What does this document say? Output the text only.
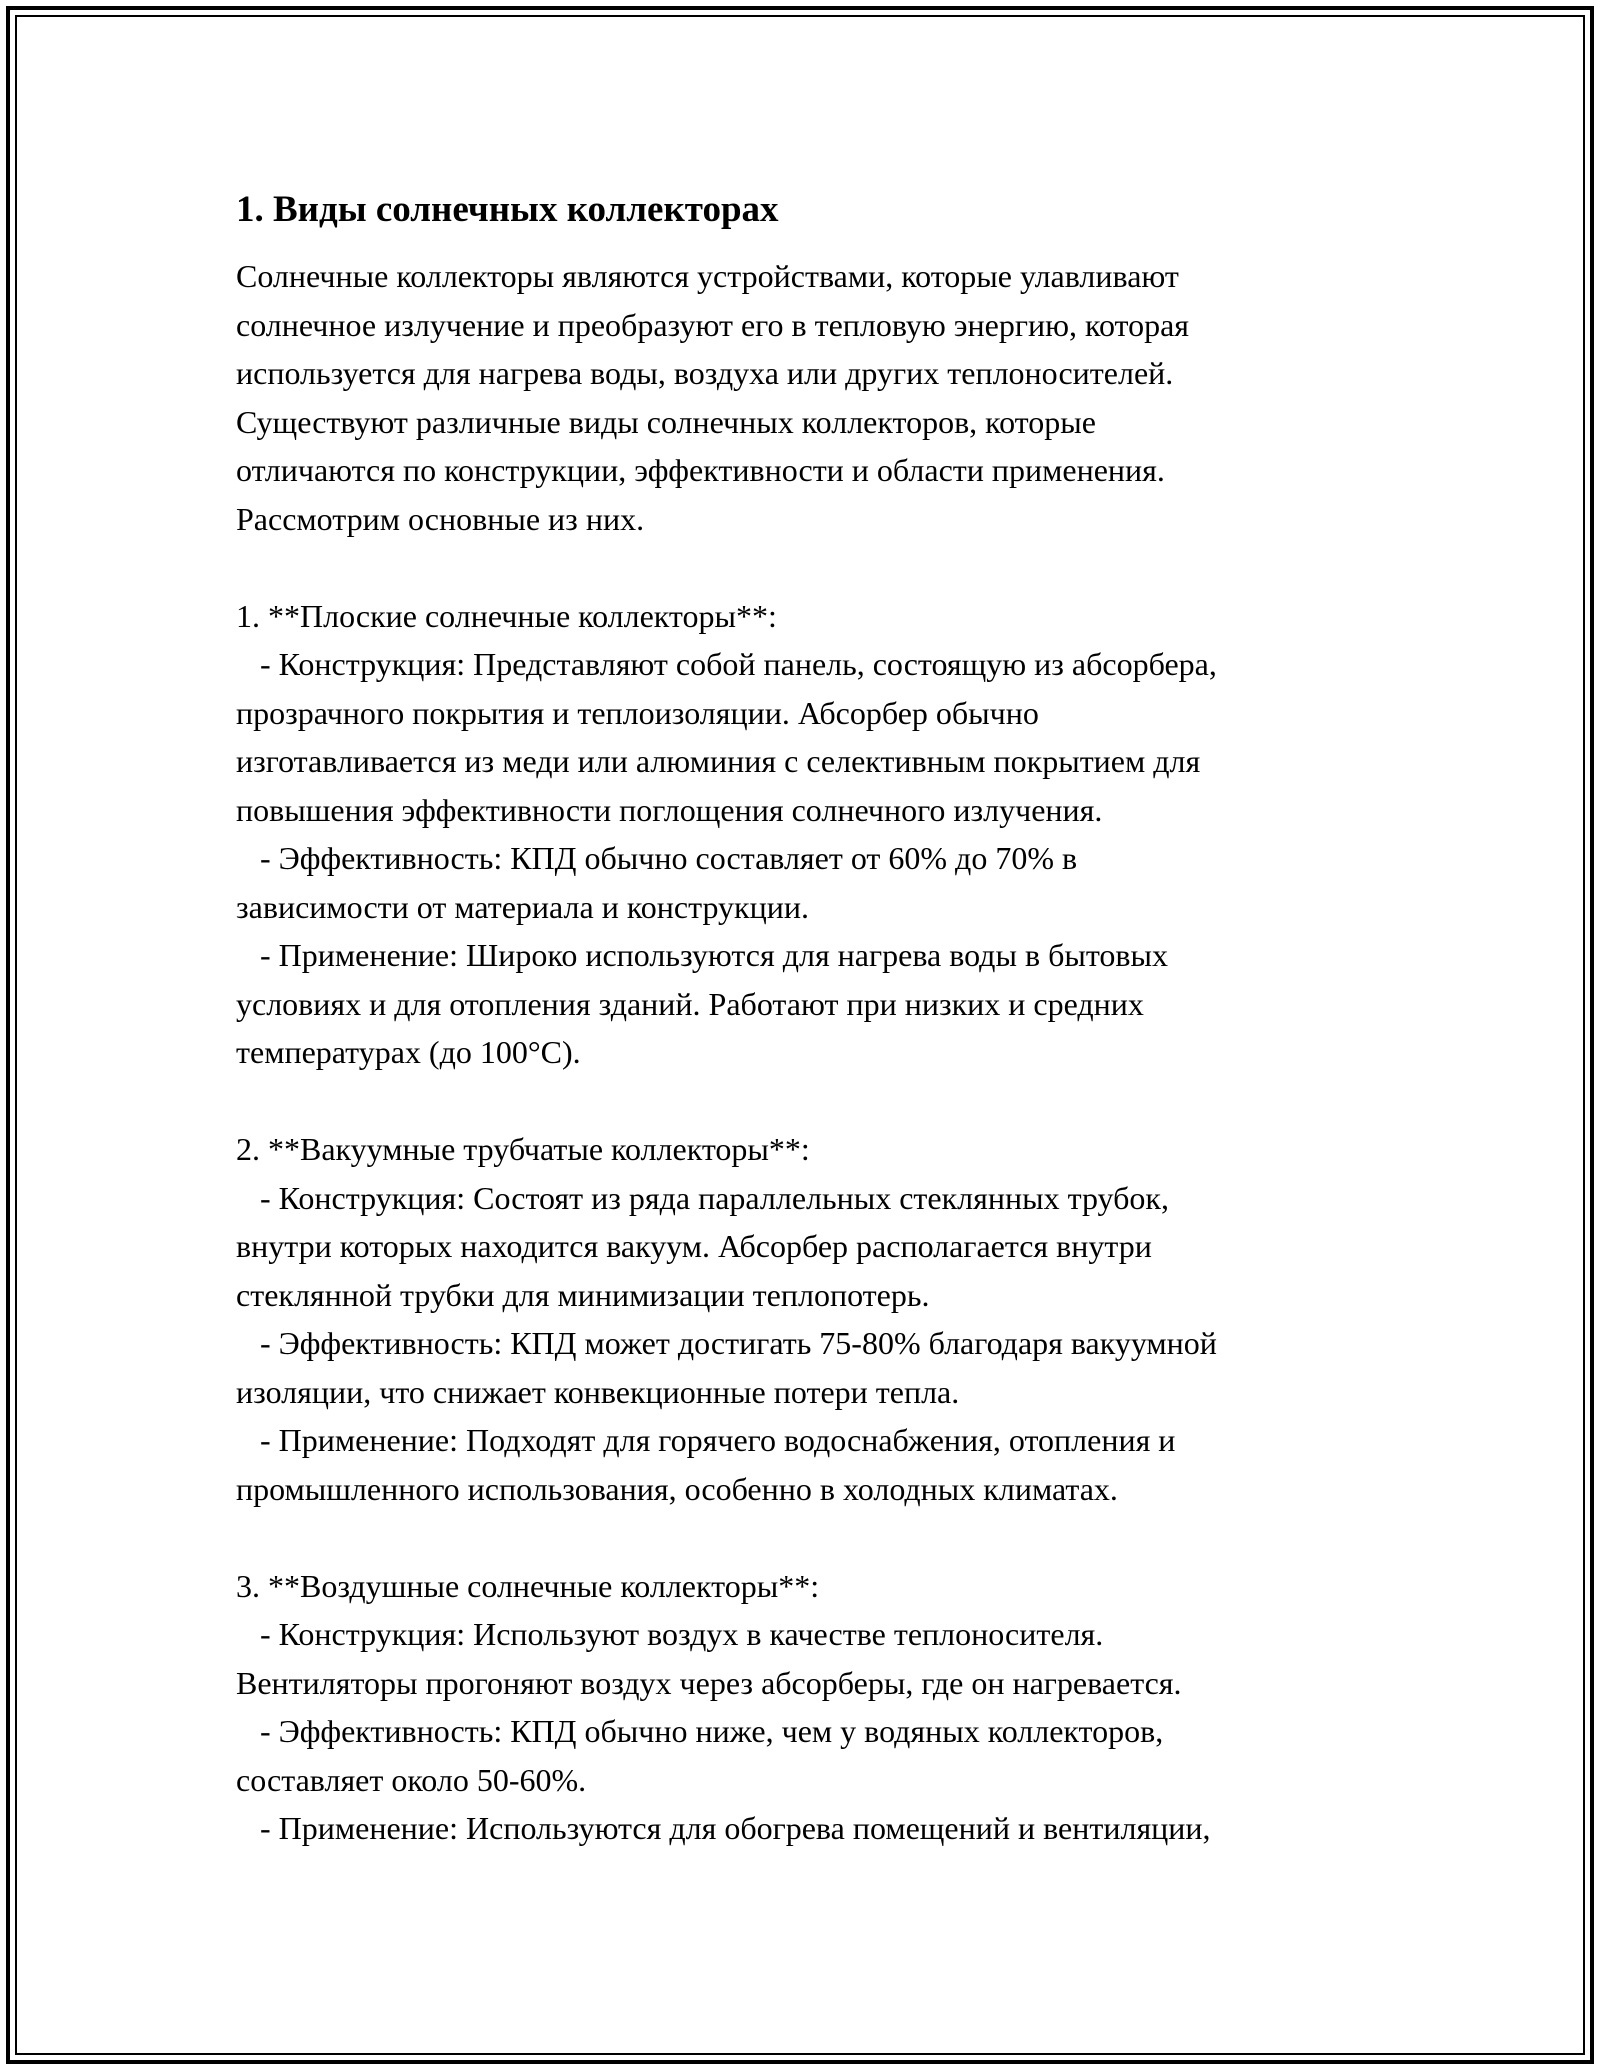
1. Виды солнечных коллекторах

Солнечные коллекторы являются устройствами, которые улавливают
солнечное излучение и преобразуют его в тепловую энергию, которая
используется для нагрева воды, воздуха или других теплоносителей.
Существуют различные виды солнечных коллекторов, которые
отличаются по конструкции, эффективности и области применения.
Рассмотрим основные из них.

1. **Плоские солнечные коллекторы**:
- Конструкция: Представляют собой панель, состоящую из абсорбера,
прозрачного покрытия и теплоизоляции. Абсорбер обычно
изготавливается из меди или алюминия с селективным покрытием для
повышения эффективности поглощения солнечного излучения.
- Эффективность: КПД обычно составляет от 60% до 70% в
зависимости от материала и конструкции.
- Применение: Широко используются для нагрева воды в бытовых
условиях и для отопления зданий. Работают при низких и средних
температурах (до 100°C).

2. **Вакуумные трубчатые коллекторы**:
- Конструкция: Состоят из ряда параллельных стеклянных трубок,
внутри которых находится вакуум. Абсорбер располагается внутри
стеклянной трубки для минимизации теплопотерь.
- Эффективность: КПД может достигать 75-80% благодаря вакуумной
изоляции, что снижает конвекционные потери тепла.
- Применение: Подходят для горячего водоснабжения, отопления и
промышленного использования, особенно в холодных климатах.

3. **Воздушные солнечные коллекторы**:
- Конструкция: Используют воздух в качестве теплоносителя.
Вентиляторы прогоняют воздух через абсорберы, где он нагревается.
- Эффективность: КПД обычно ниже, чем у водяных коллекторов,
составляет около 50-60%.
- Применение: Используются для обогрева помещений и вентиляции,
